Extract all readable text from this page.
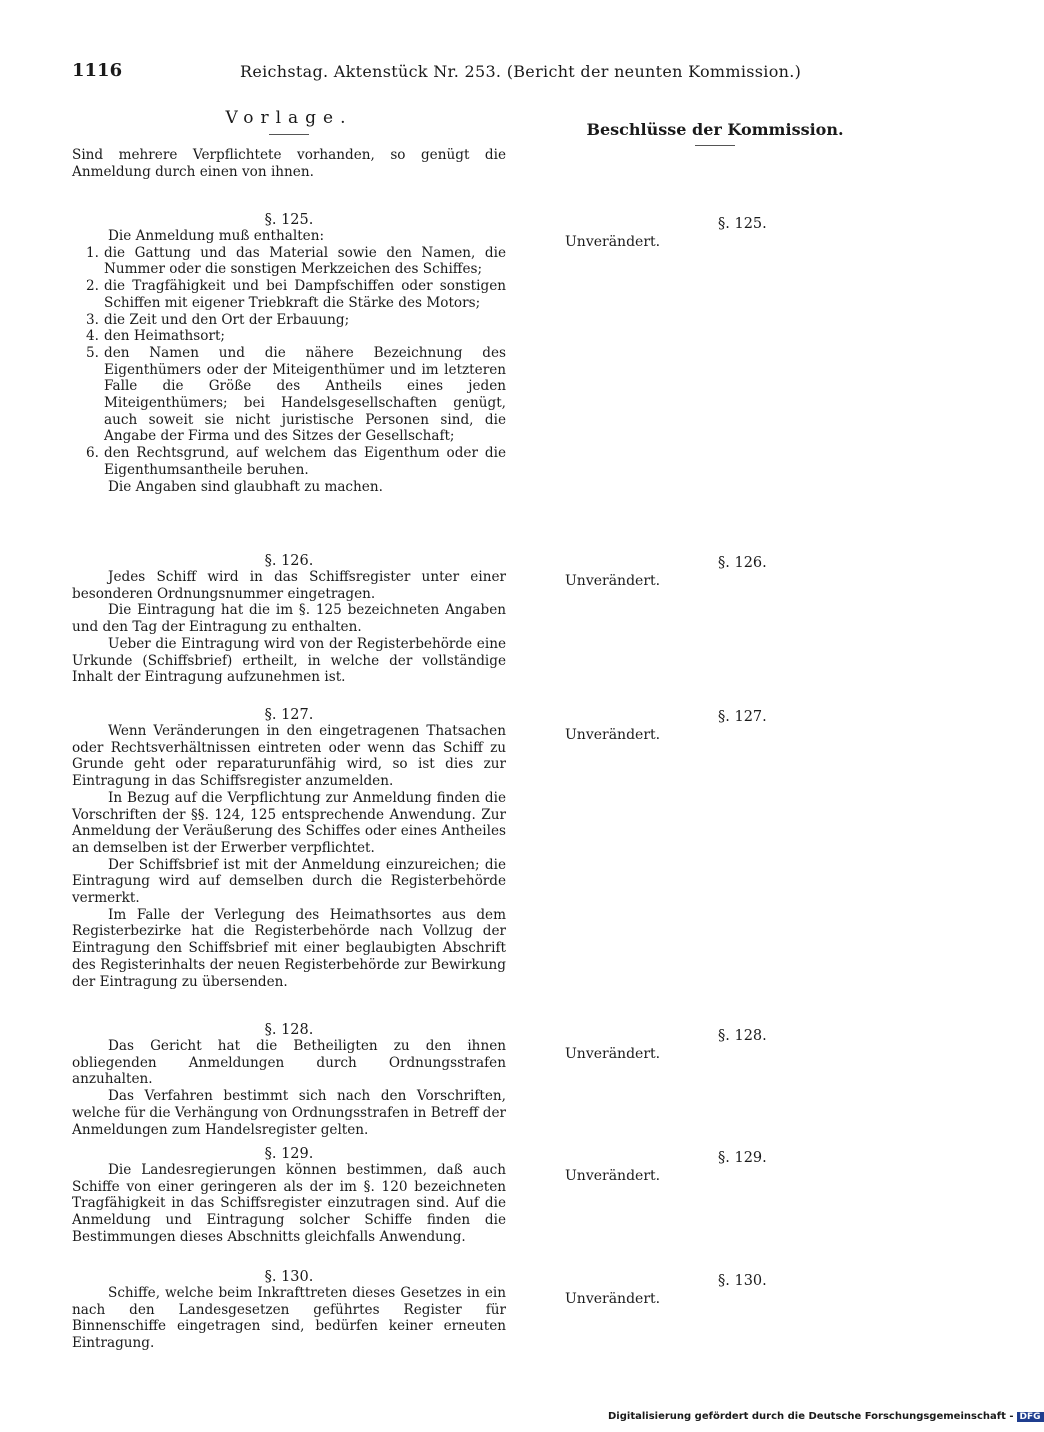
1116	Reichstag. Aktenstück Nr. 253. (Bericht der neunten Kommission.)
Vorlage.
Sind mehrere Verpflichtete vorhanden, so genügt die Anmeldung durch einen von ihnen.
§. 125.

Die Anmeldung muß enthalten:

1. die Gattung und das Material sowie den Namen, die Nummer oder die sonstigen Merkzeichen des Schiffes;
2. die Tragfähigkeit und bei Dampfschiffen oder sonstigen Schiffen mit eigener Triebkraft die Stärke des Motors;
3. die Zeit und den Ort der Erbauung;
4. den Heimathsort;
5. den Namen und die nähere Bezeichnung des Eigenthümers oder der Miteigenthümer und im letzteren Falle die Größe des Antheils eines jeden Miteigenthümers; bei Handelsgesellschaften genügt, auch soweit sie nicht juristische Personen sind, die Angabe der Firma und des Sitzes der Gesellschaft;
6. den Rechtsgrund, auf welchem das Eigenthum oder die Eigenthumsantheile beruhen.

Die Angaben sind glaubhaft zu machen.

§. 126.

Jedes Schiff wird in das Schiffsregister unter einer besonderen Ordnungsnummer eingetragen.

Die Eintragung hat die im §. 125 bezeichneten Angaben und den Tag der Eintragung zu enthalten.

Ueber die Eintragung wird von der Registerbehörde eine Urkunde (Schiffsbrief) ertheilt, in welche der vollständige Inhalt der Eintragung aufzunehmen ist.

§. 127.

Wenn Veränderungen in den eingetragenen Thatsachen oder Rechtsverhältnissen eintreten oder wenn das Schiff zu Grunde geht oder reparaturunfähig wird, so ist dies zur Eintragung in das Schiffsregister anzumelden.

In Bezug auf die Verpflichtung zur Anmeldung finden die Vorschriften der §§. 124, 125 entsprechende Anwendung. Zur Anmeldung der Veräußerung des Schiffes oder eines Antheiles an demselben ist der Erwerber verpflichtet.

Der Schiffsbrief ist mit der Anmeldung einzureichen; die Eintragung wird auf demselben durch die Registerbehörde vermerkt.

Im Falle der Verlegung des Heimathsortes aus dem Registerbezirke hat die Registerbehörde nach Vollzug der Eintragung den Schiffsbrief mit einer beglaubigten Abschrift des Registerinhalts der neuen Registerbehörde zur Bewirkung der Eintragung zu übersenden.

§. 128.

Das Gericht hat die Betheiligten zu den ihnen obliegenden Anmeldungen durch Ordnungsstrafen anzuhalten.

Das Verfahren bestimmt sich nach den Vorschriften, welche für die Verhängung von Ordnungsstrafen in Betreff der Anmeldungen zum Handelsregister gelten.

§. 129.

Die Landesregierungen können bestimmen, daß auch Schiffe von einer geringeren als der im §. 120 bezeichneten Tragfähigkeit in das Schiffsregister einzutragen sind. Auf die Anmeldung und Eintragung solcher Schiffe finden die Bestimmungen dieses Abschnitts gleichfalls Anwendung.

§. 130.

Schiffe, welche beim Inkrafttreten dieses Gesetzes in ein nach den Landesgesetzen geführtes Register für Binnenschiffe eingetragen sind, bedürfen keiner erneuten Eintragung.

Beschlüsse der Kommission.
§. 125.
Unverändert.
§. 126.
Unverändert.
§. 127.
Unverändert.
§. 128.
Unverändert.
§. 129.
Unverändert.
§. 130.
Unverändert.
Digitalisierung gefördert durch die Deutsche Forschungsgemeinschaft - DFG
